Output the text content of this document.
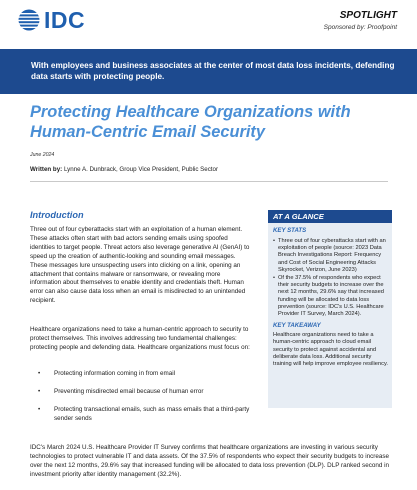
IDC	SPOTLIGHT
Sponsored by: Proofpoint
With employees and business associates at the center of most data loss incidents, defending data starts with protecting people.
Protecting Healthcare Organizations with Human-Centric Email Security
June 2024
Written by: Lynne A. Dunbrack, Group Vice President, Public Sector
Introduction

Three out of four cyberattacks start with an exploitation of a human element. These attacks often start with bad actors sending emails using spoofed identities to target people. Threat actors also leverage generative AI (GenAI) to speed up the creation of authentic-looking and sounding email messages. These messages lure unsuspecting users into clicking on a link, opening an attachment that contains malware or ransomware, or revealing more information about themselves to enable identity and credentials theft. Human error can also cause data loss when an email is misdirected to an unintended recipient.

Healthcare organizations need to take a human-centric approach to security to protect themselves. This involves addressing two fundamental challenges: protecting people and defending data. Healthcare organizations must focus on:

• Protecting information coming in from email
• Preventing misdirected email because of human error
• Protecting transactional emails, such as mass emails that a third-party sender sends
AT A GLANCE
KEY STATS
• Three out of four cyberattacks start with an exploitation of people (source: 2023 Data Breach Investigations Report: Frequency and Cost of Social Engineering Attacks Skyrocket, Verizon, June 2023)
• Of the 37.5% of respondents who expect their security budgets to increase over the next 12 months, 29.6% say that increased funding will be allocated to data loss prevention (source: IDC's U.S. Healthcare Provider IT Survey, March 2024).
KEY TAKEAWAY

Healthcare organizations need to take a human-centric approach to cloud email security to protect against accidental and deliberate data loss. Additional security training will help improve employee resiliency.

IDC's March 2024 U.S. Healthcare Provider IT Survey confirms that healthcare organizations are investing in various security technologies to protect vulnerable IT and data assets. Of the 37.5% of respondents who expect their security budgets to increase over the next 12 months, 29.6% say that increased funding will be allocated to data loss prevention (DLP). DLP ranked second in investment priority after identity management (32.2%).
